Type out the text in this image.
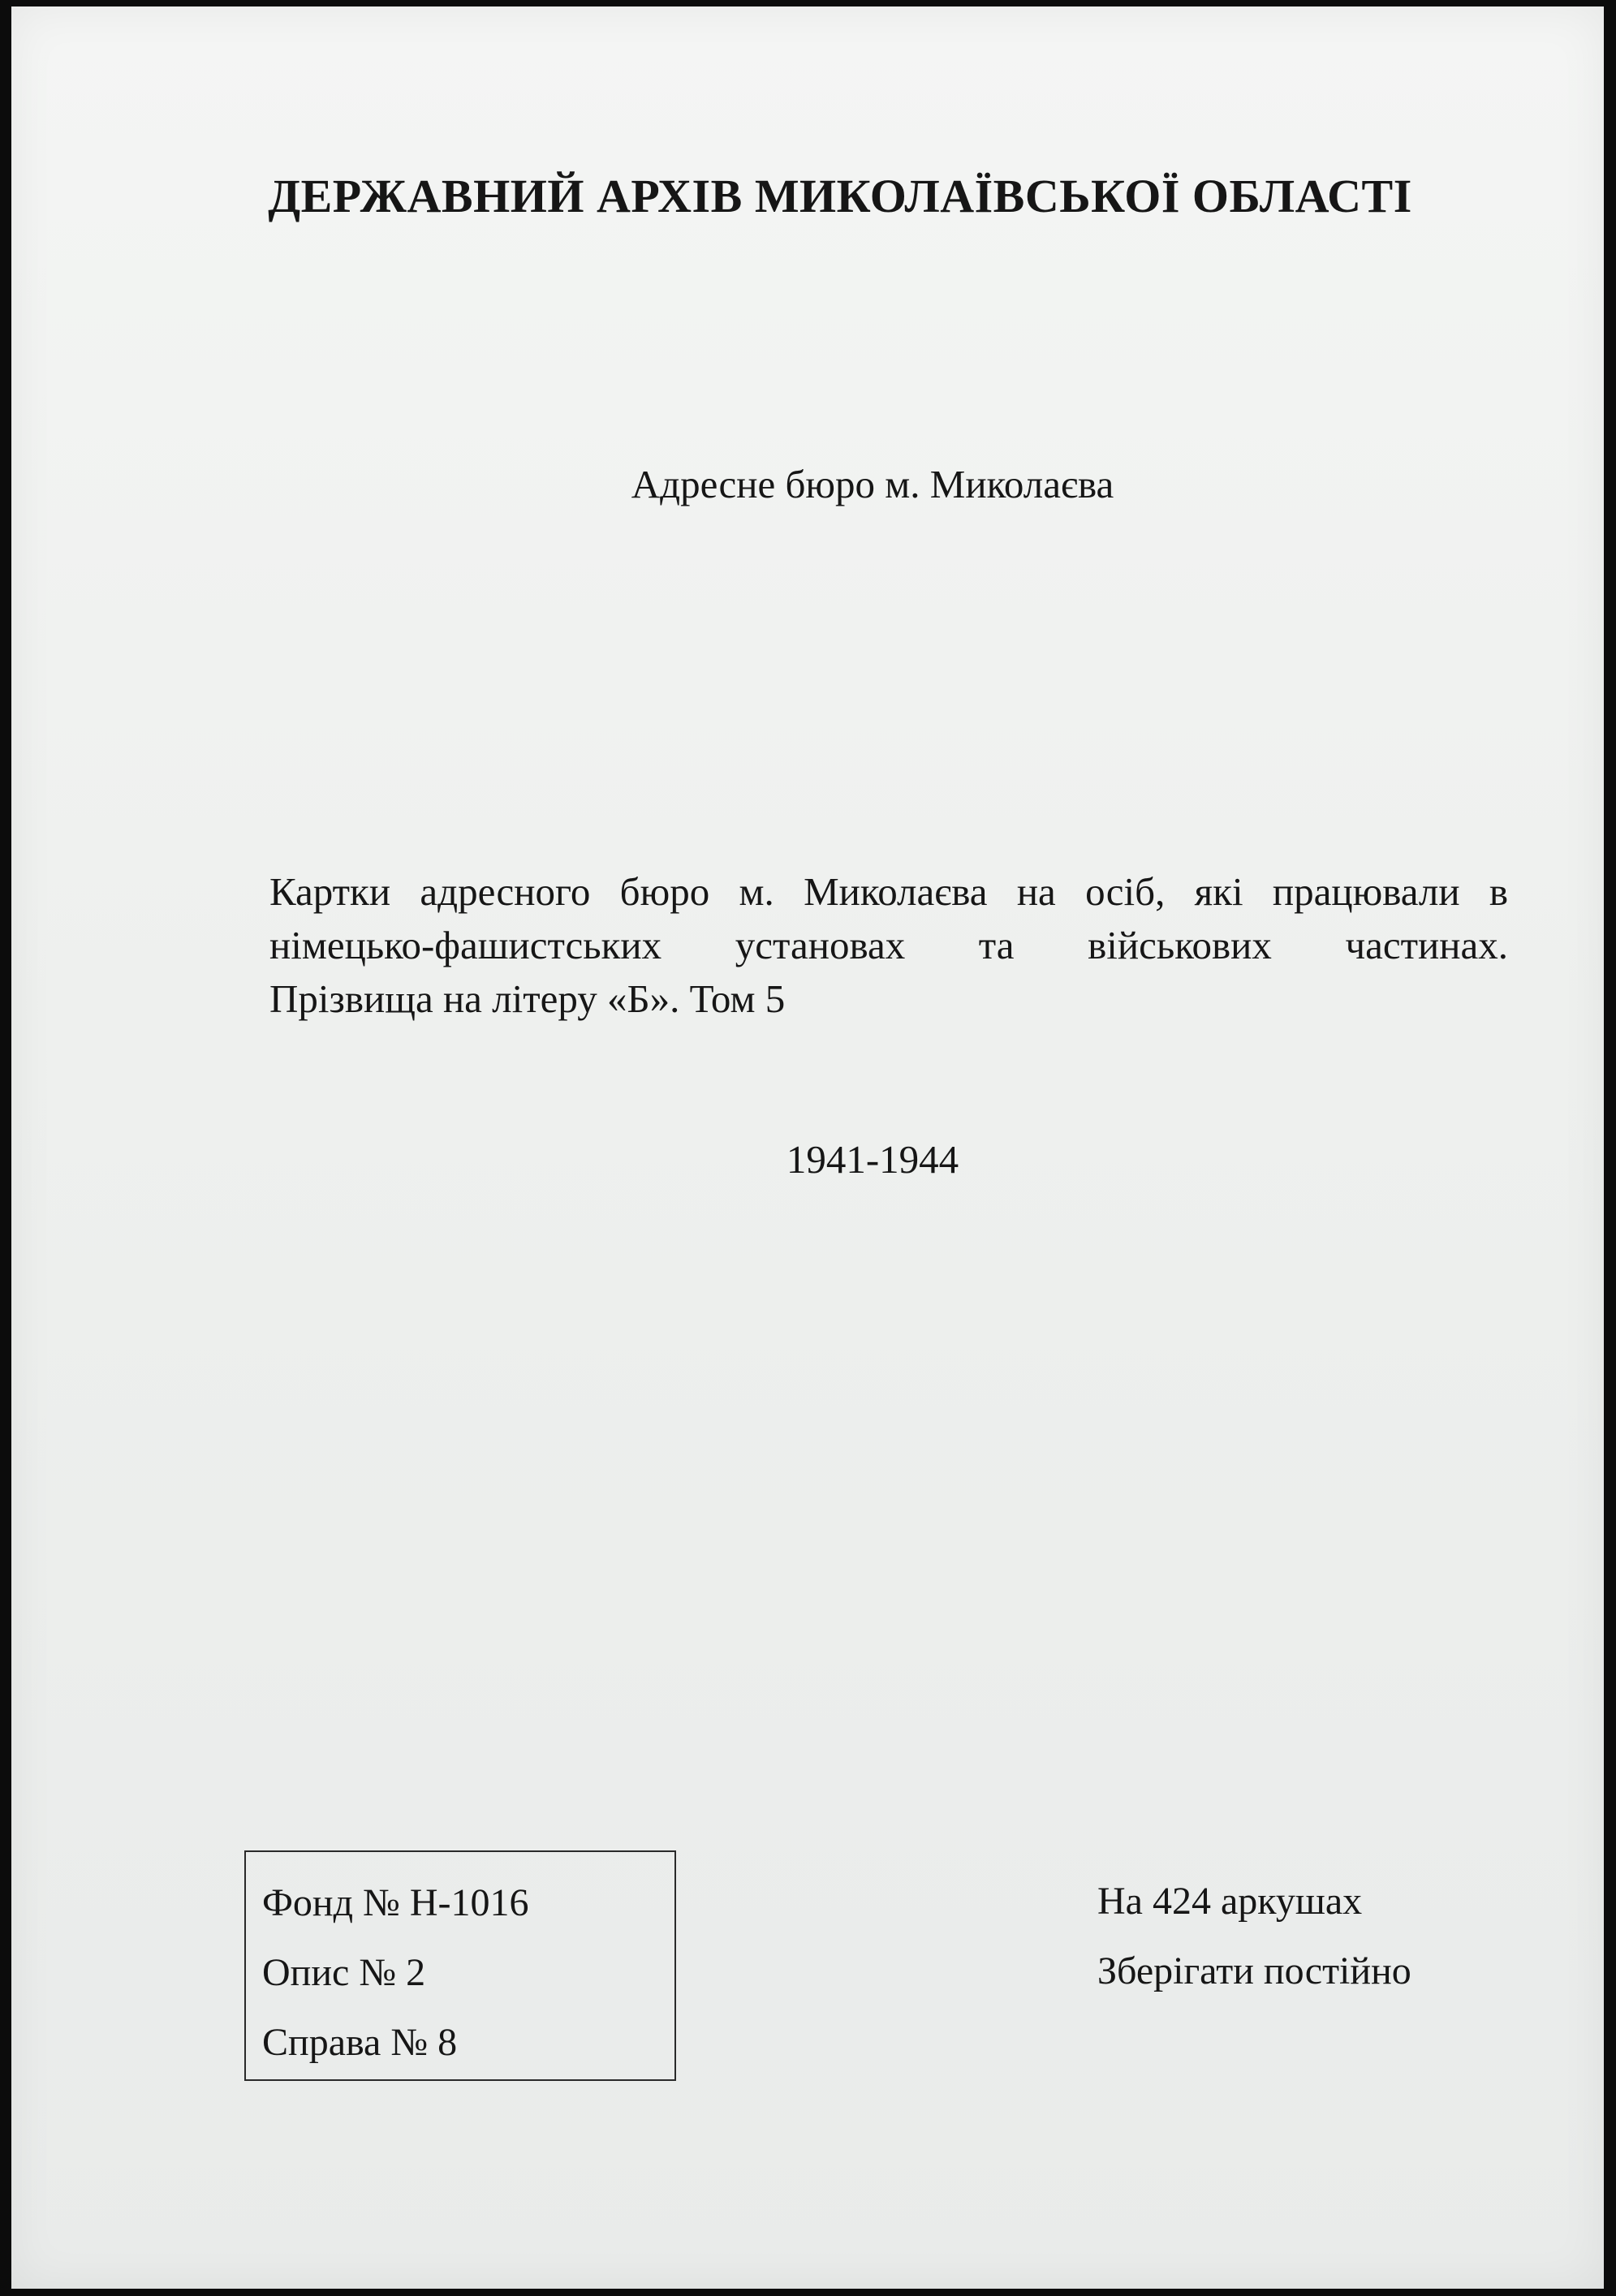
ДЕРЖАВНИЙ АРХІВ МИКОЛАЇВСЬКОЇ ОБЛАСТІ
Адресне бюро м. Миколаєва
Картки адресного бюро м. Миколаєва на осіб, які працювали в
німецько-фашистських установах та військових частинах.
Прізвища на літеру «Б». Том 5
1941-1944
Фонд № Н-1016
Опис № 2
Справа № 8
На 424 аркушах
Зберігати постійно
